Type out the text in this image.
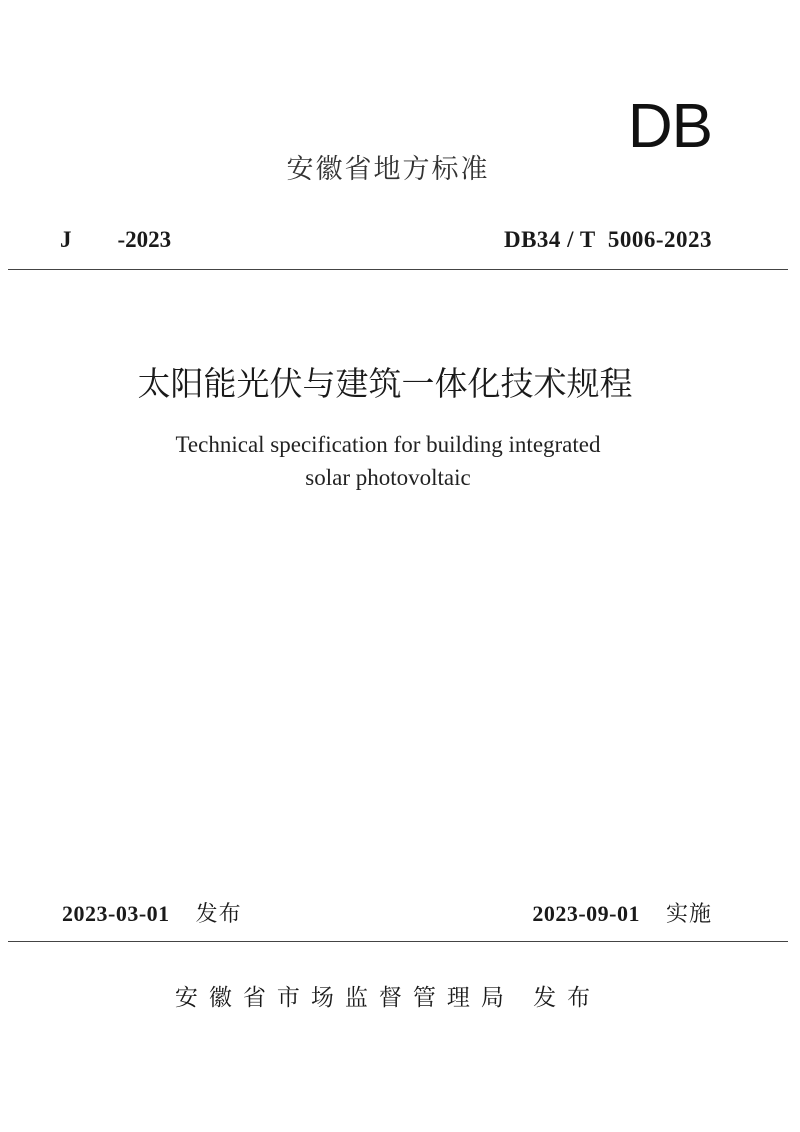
DB
安徽省地方标准
J        -2023	DB34 / T  5006-2023
太阳能光伏与建筑一体化技术规程
Technical specification for building integrated
solar photovoltaic
2023-03-01 发布	2023-09-01 实施
安徽省市场监督管理局 发布
